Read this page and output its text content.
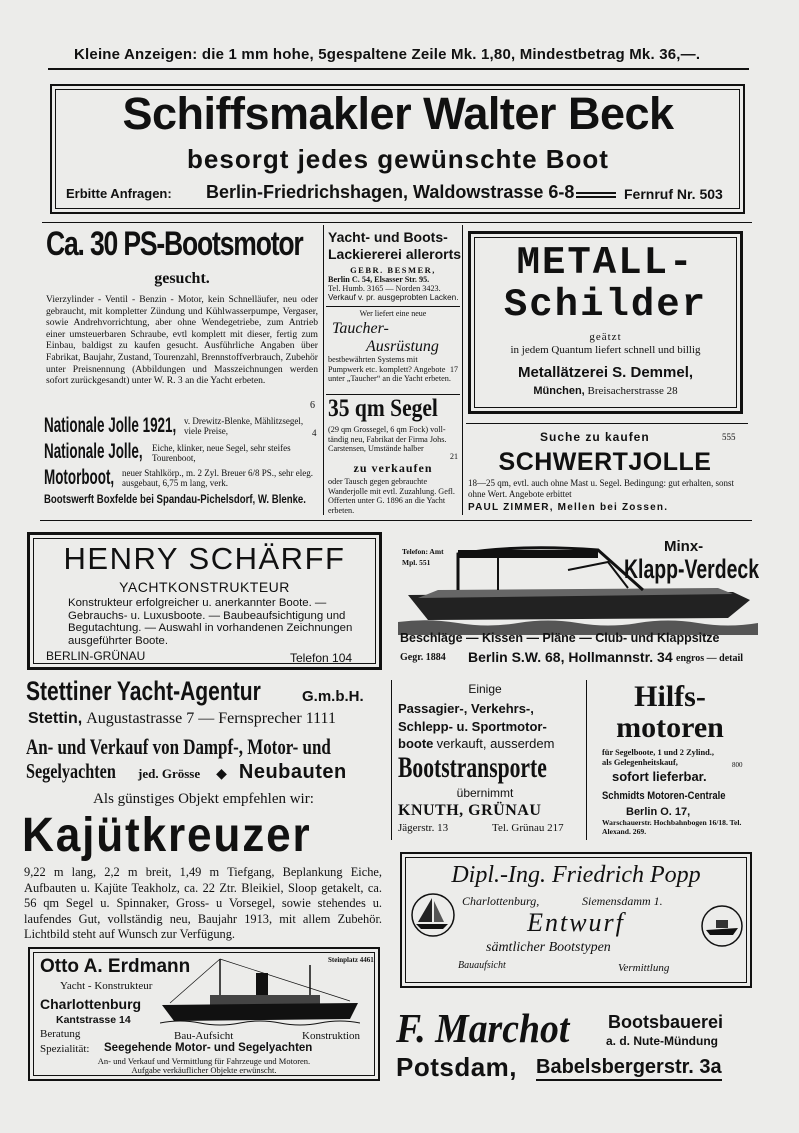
Kleine Anzeigen: die 1 mm hohe, 5gespaltene Zeile Mk. 1,80, Mindestbetrag Mk. 36,—.
Schiffsmakler Walter Beck
besorgt jedes gewünschte Boot
Erbitte Anfragen: Berlin-Friedrichshagen, Waldowstrasse 6-8	Fernruf Nr. 503
Ca. 30 PS-Bootsmotor
gesucht.
Vierzylinder - Ventil - Benzin - Motor, kein Schnelläufer, neu oder gebraucht, mit kompletter Zündung und Kühlwasserpumpe, Vergaser, sowie Andrehvorrichtung, aber ohne Wendegetriebe, zum Antrieb einer umsteuerbaren Schraube, evtl komplett mit dieser, fertig zum Einbau, baldigst zu kaufen gesucht. Ausführliche Angaben über Fabrikat, Baujahr, Zustand, Tourenzahl, Brennstoffverbrauch, Zubehör unter Preisnennung (Abbildungen und Masszeichnungen werden sofort zurückgesandt) unter W. R. 3 an die Yacht erbeten.
6
Nationale Jolle 1921, v. Drewitz-Blenke, Mählitzsegel, viele Preise,	4
Nationale Jolle, Eiche, klinker, neue Segel, sehr steifes Tourenboot,
Motorboot, neuer Stahlkörp., m. 2 Zyl. Breuer 6/8 PS., sehr eleg. ausgebaut, 6,75 m lang, verk.
Bootswerft Boxfelde bei Spandau-Pichelsdorf, W. Blenke.
Yacht- und Boots-
Lackiererei allerorts
GEBR. BESMER,
Berlin C. 54, Elsasser Str. 95.
Tel. Humb. 3165 — Norden 3423.
Verkauf v. pr. ausgeprobten Lacken.
Wer liefert eine neue
Taucher-
Ausrüstung
bestbewährten Systems mit Pumpwerk etc. komplett? Angebote unter „Taucher“ an die Yacht erbeten.
17
35 qm Segel
(29 qm Grossegel, 6 qm Fock) voll-tändig neu, Fabrikat der Firma Johs. Carstensen, Umstände halber
21
zu verkaufen
oder Tausch gegen gebrauchte Wanderjolle mit evtl. Zuzahlung. Gefl. Offerten unter G. 1896 an die Yacht erbeten.
METALL-
Schilder
geätzt
in jedem Quantum liefert schnell und billig
Metallätzerei S. Demmel,
München, Breisacherstrasse 28
Suche zu kaufen	555
SCHWERTJOLLE
18—25 qm, evtl. auch ohne Mast u. Segel. Bedingung: gut erhalten, sonst ohne Wert. Angebote erbittet
PAUL ZIMMER, Mellen bei Zossen.
HENRY SCHÄRFF
YACHTKONSTRUKTEUR
Konstrukteur erfolgreicher u. anerkannter Boote. — Gebrauchs- u. Luxusboote. — Baubeaufsichtigung und Begutachtung. — Auswahl in vorhandenen Zeichnungen ausgeführter Boote.
BERLIN-GRÜNAU	Telefon 104
Telefon: Amt Mpl. 551
Minx-
Klapp-Verdeck
Beschläge — Kissen — Pläne — Club- und Klappsitze
Gegr. 1884 Berlin S.W. 68, Hollmannstr. 34 engros — detail
Stettiner Yacht-Agentur	G.m.b.H.
Stettin, Augustastrasse 7 — Fernsprecher 1111
An- und Verkauf von Dampf-, Motor- und
Segelyachten jed. Grösse ◆ Neubauten
Als günstiges Objekt empfehlen wir:
Kajütkreuzer
9,22 m lang, 2,2 m breit, 1,49 m Tiefgang, Beplankung Eiche, Aufbauten u. Kajüte Teakholz, ca. 22 Ztr. Bleikiel, Sloop getakelt, ca. 56 qm Segel u. Spinnaker, Gross- u Vorsegel, sowie stehendes u. laufendes Gut, vollständig neu, Baujahr 1913, mit allem Zubehör. Lichtbild steht auf Wunsch zur Verfügung.
Einige
Passagier-, Verkehrs-,
Schlepp- u. Sportmotor-
boote verkauft, ausserdem
Bootstransporte
übernimmt
KNUTH, GRÜNAU
Jägerstr. 13	Tel. Grünau 217
Hilfs-
motoren
für Segelboote, 1 und 2 Zylind.,
als Gelegenheitskauf,	800
sofort lieferbar.
Schmidts Motoren-Centrale
Berlin O. 17,
Warschauerstr. Hochbahnbogen 16/18. Tel. Alexand. 269.
Dipl.-Ing. Friedrich Popp
Charlottenburg,	Siemensdamm 1.
Entwurf
sämtlicher Bootstypen
Bauaufsicht	Vermittlung
Otto A. Erdmann
Yacht - Konstrukteur
Charlottenburg
Kantstrasse 14
Steinplatz 4461
Beratung	Bau-Aufsicht	Konstruktion
Spezialität: Seegehende Motor- und Segelyachten
An- und Verkauf und Vermittlung für Fahrzeuge und Motoren.
Aufgabe verkäuflicher Objekte erwünscht.
F. Marchot Bootsbauerei
a. d. Nute-Mündung
Potsdam, Babelsbergerstr. 3a
